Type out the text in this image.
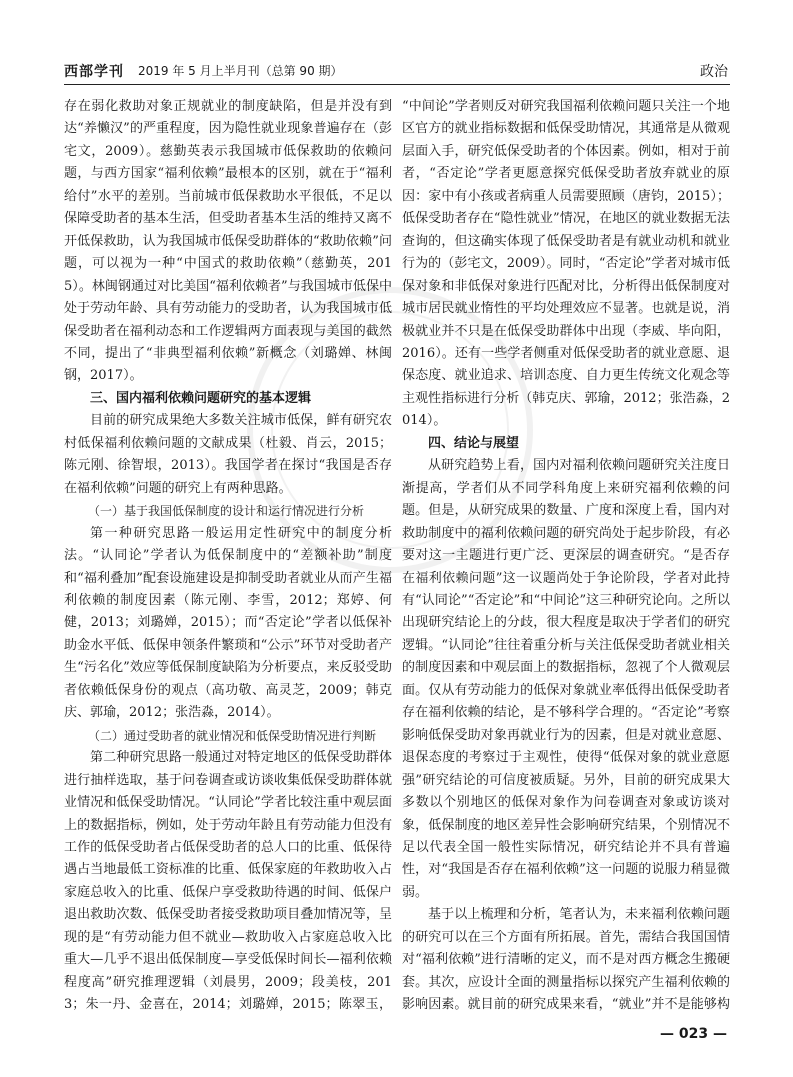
西部学刊 2019 年 5 月上半月刊（总第 90 期）	政治

存在弱化救助对象正规就业的制度缺陷，但是并没有到达“养懒汉”的严重程度，因为隐性就业现象普遍存在（彭宅文，2009）。慈勤英表示我国城市低保救助的依赖问题，与西方国家“福利依赖”最根本的区别，就在于“福利给付”水平的差别。当前城市低保救助水平很低，不足以保障受助者的基本生活，但受助者基本生活的维持又离不开低保救助，认为我国城市低保受助群体的“救助依赖”问题，可以视为一种“中国式的救助依赖”（慈勤英，2015）。林闽钢通过对比美国“福利依赖者”与我国城市低保中处于劳动年龄、具有劳动能力的受助者，认为我国城市低保受助者在福利动态和工作逻辑两方面表现与美国的截然不同，提出了“非典型福利依赖”新概念（刘璐婵、林闽钢，2017）。

三、国内福利依赖问题研究的基本逻辑

目前的研究成果绝大多数关注城市低保，鲜有研究农村低保福利依赖问题的文献成果（杜毅、肖云，2015；陈元刚、徐智垠，2013）。我国学者在探讨“我国是否存在福利依赖”问题的研究上有两种思路。

（一）基于我国低保制度的设计和运行情况进行分析

第一种研究思路一般运用定性研究中的制度分析法。“认同论”学者认为低保制度中的“差额补助”制度和“福利叠加”配套设施建设是抑制受助者就业从而产生福利依赖的制度因素（陈元刚、李雪，2012；郑婷、何健，2013；刘璐婵，2015）；而“否定论”学者以低保补助金水平低、低保申领条件繁琐和“公示”环节对受助者产生“污名化”效应等低保制度缺陷为分析要点，来反驳受助者依赖低保身份的观点（高功敬、高灵芝，2009；韩克庆、郭瑜，2012；张浩淼，2014）。

（二）通过受助者的就业情况和低保受助情况进行判断

第二种研究思路一般通过对特定地区的低保受助群体进行抽样选取，基于问卷调查或访谈收集低保受助群体就业情况和低保受助情况。“认同论”学者比较注重中观层面上的数据指标，例如，处于劳动年龄且有劳动能力但没有工作的低保受助者占低保受助者的总人口的比重、低保待遇占当地最低工资标准的比重、低保家庭的年救助收入占家庭总收入的比重、低保户享受救助待遇的时间、低保户退出救助次数、低保受助者接受救助项目叠加情况等，呈现的是“有劳动能力但不就业—救助收入占家庭总收入比重大—几乎不退出低保制度—享受低保时间长—福利依赖程度高”研究推理逻辑（刘晨男，2009；段美枝，2013；朱一丹、金喜在，2014；刘璐婵，2015；陈翠玉，

“中间论”学者则反对研究我国福利依赖问题只关注一个地区官方的就业指标数据和低保受助情况，其通常是从微观层面入手，研究低保受助者的个体因素。例如，相对于前者，“否定论”学者更愿意探究低保受助者放弃就业的原因：家中有小孩或者病重人员需要照顾（唐钧，2015）；低保受助者存在“隐性就业”情况，在地区的就业数据无法查询的，但这确实体现了低保受助者是有就业动机和就业行为的（彭宅文，2009）。同时，“否定论”学者对城市低保对象和非低保对象进行匹配对比，分析得出低保制度对城市居民就业惰性的平均处理效应不显著。也就是说，消极就业并不只是在低保受助群体中出现（李威、毕向阳，2016）。还有一些学者侧重对低保受助者的就业意愿、退保态度、就业追求、培训态度、自力更生传统文化观念等主观性指标进行分析（韩克庆、郭瑜，2012；张浩淼，2014）。

四、结论与展望

从研究趋势上看，国内对福利依赖问题研究关注度日渐提高，学者们从不同学科角度上来研究福利依赖的问题。但是，从研究成果的数量、广度和深度上看，国内对救助制度中的福利依赖问题的研究尚处于起步阶段，有必要对这一主题进行更广泛、更深层的调查研究。“是否存在福利依赖问题”这一议题尚处于争论阶段，学者对此持有“认同论”“否定论”和“中间论”这三种研究论向。之所以出现研究结论上的分歧，很大程度是取决于学者们的研究逻辑。“认同论”往往着重分析与关注低保受助者就业相关的制度因素和中观层面上的数据指标，忽视了个人微观层面。仅从有劳动能力的低保对象就业率低得出低保受助者存在福利依赖的结论，是不够科学合理的。“否定论”考察影响低保受助对象再就业行为的因素，但是对就业意愿、退保态度的考察过于主观性，使得“低保对象的就业意愿强”研究结论的可信度被质疑。另外，目前的研究成果大多数以个别地区的低保对象作为问卷调查对象或访谈对象，低保制度的地区差异性会影响研究结果，个别情况不足以代表全国一般性实际情况，研究结论并不具有普遍性，对“我国是否存在福利依赖”这一问题的说服力稍显微弱。

基于以上梳理和分析，笔者认为，未来福利依赖问题的研究可以在三个方面有所拓展。首先，需结合我国国情对“福利依赖”进行清晰的定义，而不是对西方概念生搬硬套。其次，应设计全面的测量指标以探究产生福利依赖的影响因素。就目前的研究成果来看，“就业”并不是能够构

— 023 —
